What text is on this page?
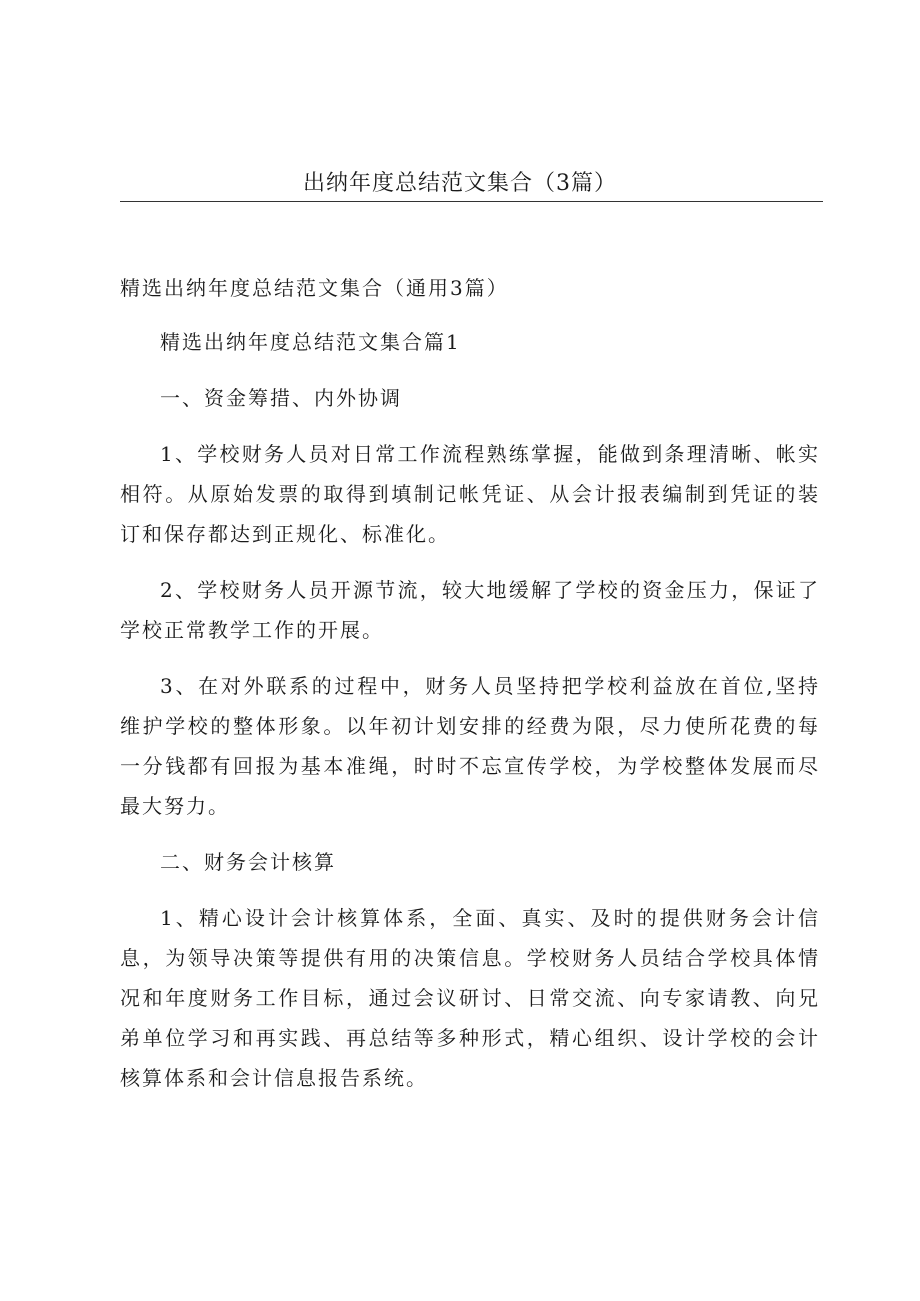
出纳年度总结范文集合（3篇）
精选出纳年度总结范文集合（通用3篇）

精选出纳年度总结范文集合篇1

一、资金筹措、内外协调

1、学校财务人员对日常工作流程熟练掌握，能做到条理清晰、帐实相符。从原始发票的取得到填制记帐凭证、从会计报表编制到凭证的装订和保存都达到正规化、标准化。

2、学校财务人员开源节流，较大地缓解了学校的资金压力，保证了学校正常教学工作的开展。

3、在对外联系的过程中，财务人员坚持把学校利益放在首位,坚持维护学校的整体形象。以年初计划安排的经费为限，尽力使所花费的每一分钱都有回报为基本准绳，时时不忘宣传学校，为学校整体发展而尽最大努力。

二、财务会计核算

1、精心设计会计核算体系，全面、真实、及时的提供财务会计信息，为领导决策等提供有用的决策信息。学校财务人员结合学校具体情况和年度财务工作目标，通过会议研讨、日常交流、向专家请教、向兄弟单位学习和再实践、再总结等多种形式，精心组织、设计学校的会计核算体系和会计信息报告系统。
